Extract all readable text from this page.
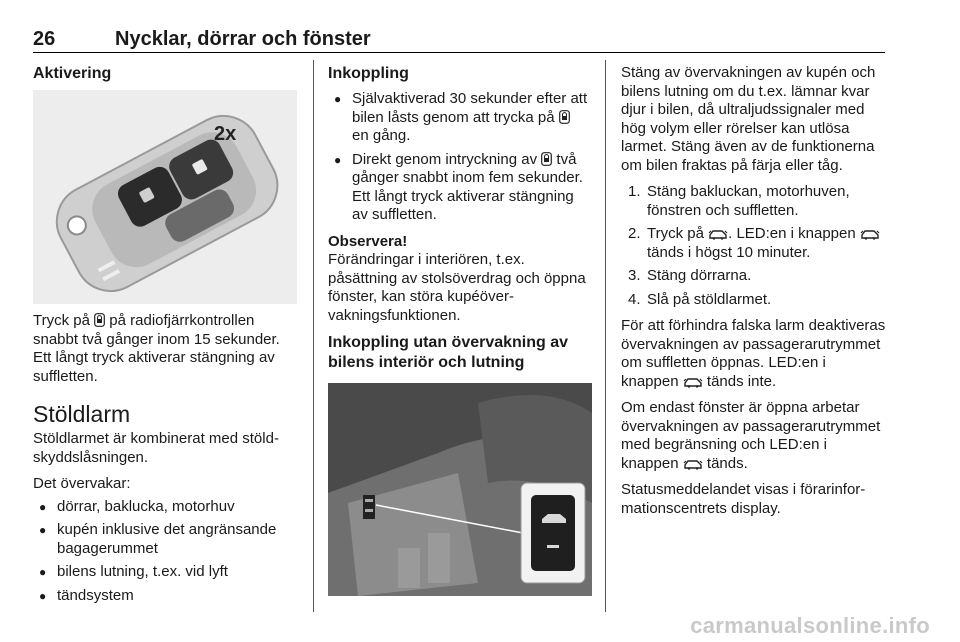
26	Nycklar, dörrar och fönster
Aktivering
2x

Tryck på på radiofjärrkontrollen snabbt två gånger inom 15 sekunder. Ett långt tryck aktiverar stängning av suffletten.

Stöldlarm

Stöldlarmet är kombinerat med stöldskyddslåsningen.

Det övervakar:

● dörrar, baklucka, motorhuv
● kupén inklusive det angränsande bagagerummet
● bilens lutning, t.ex. vid lyft
● tändsystem
Inkoppling
● Självaktiverad 30 sekunder efter att bilen låsts genom att trycka på  en gång.
● Direkt genom intryckning av två gånger snabbt inom fem sekunder. Ett långt tryck aktiverar stängning av suffletten.

Observera!

Förändringar i interiören, t.ex. påsättning av stolsöverdrag och öppna fönster, kan störa kupéövervakningsfunktionen.

Inkoppling utan övervakning av bilens interiör och lutning

Stäng av övervakningen av kupén och bilens lutning om du t.ex. lämnar kvar djur i bilen, då ultraljudssignaler med hög volym eller rörelser kan utlösa larmet. Stäng även av de funktionerna om bilen fraktas på färja eller tåg.

1. Stäng bakluckan, motorhuven, fönstren och suffletten.
2. Tryck på . LED:en i knappen  tänds i högst 10 minuter.
3. Stäng dörrarna.
4. Slå på stöldlarmet.

För att förhindra falska larm deaktiveras övervakningen av passagerarutrymmet om suffletten öppnas. LED:en i knappen tänds inte.

Om endast fönster är öppna arbetar övervakningen av passagerarutrymmet med begränsning och LED:en i knappen tänds.

Statusmeddelandet visas i förarinformationscentrets display.

carmanualsonline.info
